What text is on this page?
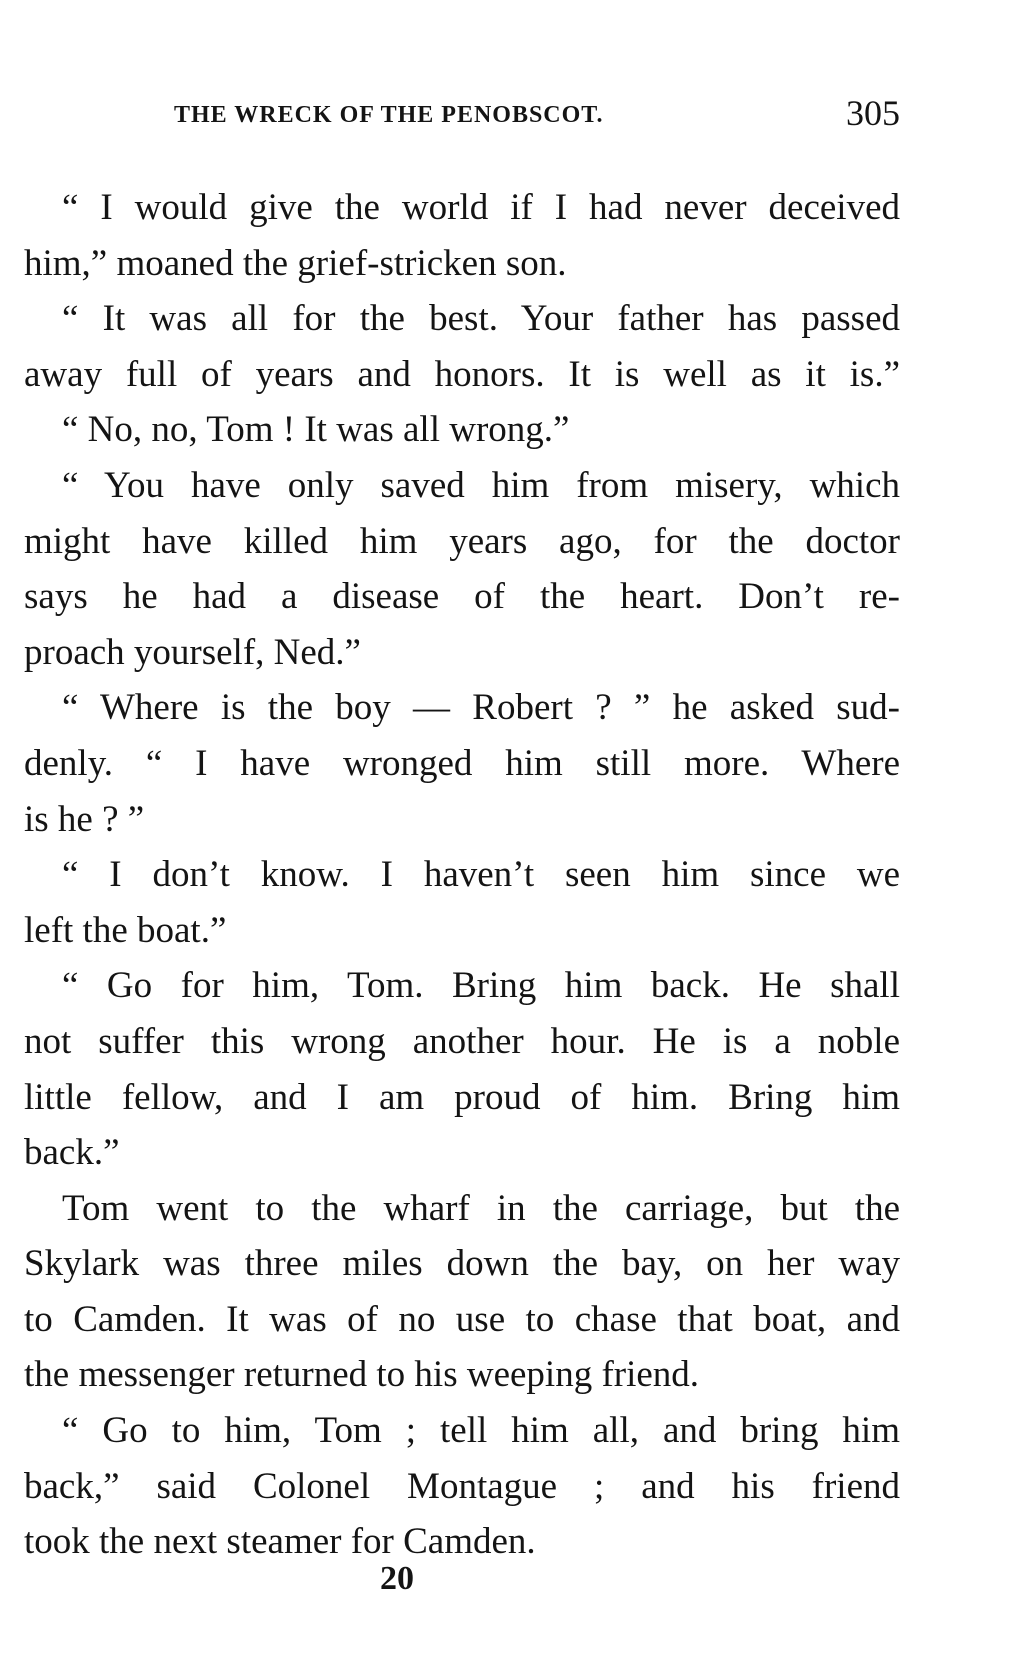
THE WRECK OF THE PENOBSCOT.	305
“ I would give the world if I had never deceived
him,” moaned the grief-stricken son.
“ It was all for the best. Your father has passed
away full of years and honors. It is well as it is.”
“ No, no, Tom ! It was all wrong.”
“ You have only saved him from misery, which
might have killed him years ago, for the doctor
says he had a disease of the heart. Don’t re-
proach yourself, Ned.”
“ Where is the boy — Robert ? ” he asked sud-
denly. “ I have wronged him still more. Where
is he ? ”
“ I don’t know. I haven’t seen him since we
left the boat.”
“ Go for him, Tom. Bring him back. He shall
not suffer this wrong another hour. He is a noble
little fellow, and I am proud of him. Bring him
back.”
Tom went to the wharf in the carriage, but the
Skylark was three miles down the bay, on her way
to Camden. It was of no use to chase that boat, and
the messenger returned to his weeping friend.
“ Go to him, Tom ; tell him all, and bring him
back,” said Colonel Montague ; and his friend
took the next steamer for Camden.
20
